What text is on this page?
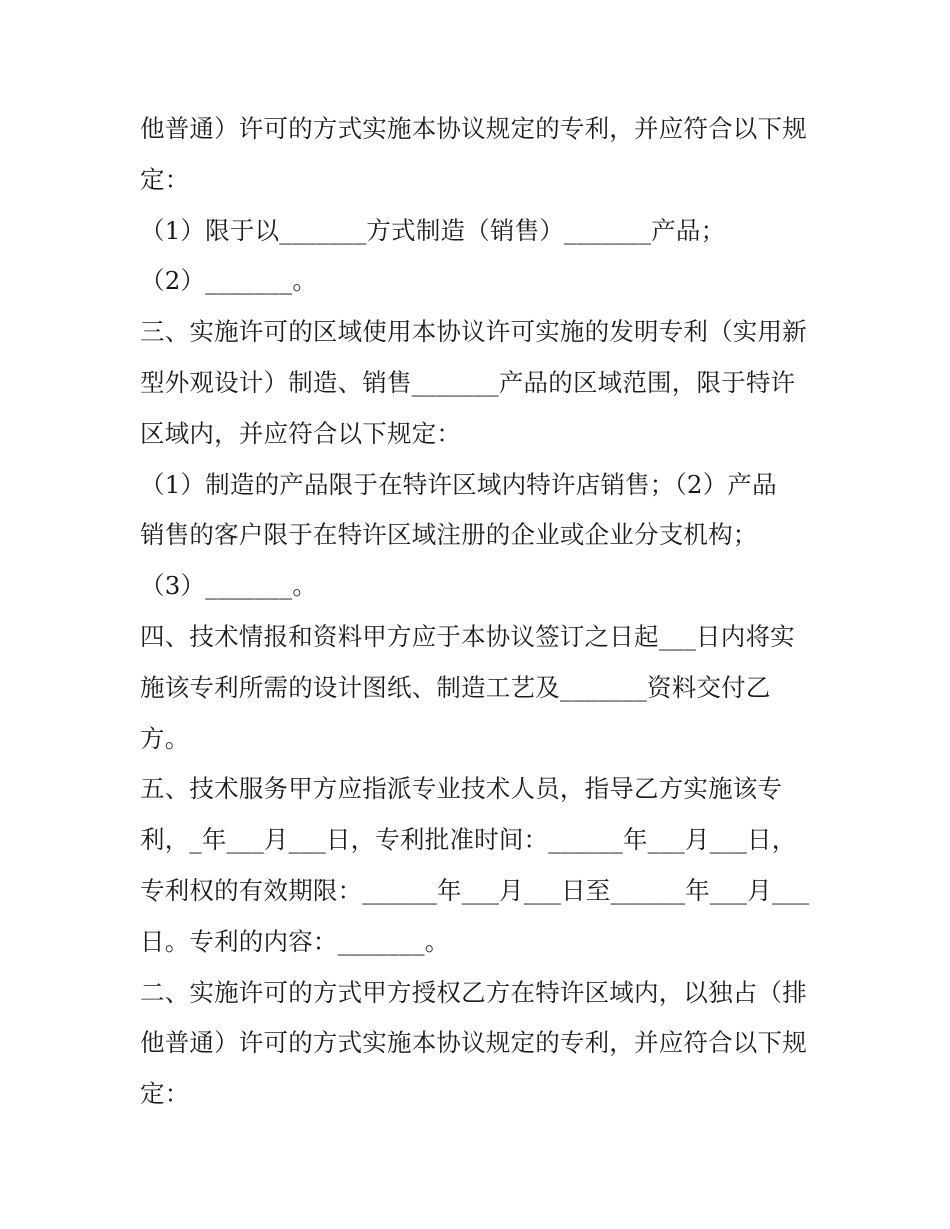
他普通）许可的方式实施本协议规定的专利，并应符合以下规
定：
（1）限于以_______方式制造（销售）_______产品；
（2）_______。
三、实施许可的区域使用本协议许可实施的发明专利（实用新
型外观设计）制造、销售_______产品的区域范围，限于特许
区域内，并应符合以下规定：
（1）制造的产品限于在特许区域内特许店销售；（2）产品
销售的客户限于在特许区域注册的企业或企业分支机构；
（3）_______。
四、技术情报和资料甲方应于本协议签订之日起___日内将实
施该专利所需的设计图纸、制造工艺及_______资料交付乙
方。
五、技术服务甲方应指派专业技术人员，指导乙方实施该专
利，_年___月___日，专利批准时间：______年___月___日，
专利权的有效期限：______年___月___日至______年___月___
日。专利的内容：_______。
二、实施许可的方式甲方授权乙方在特许区域内，以独占（排
他普通）许可的方式实施本协议规定的专利，并应符合以下规
定：
